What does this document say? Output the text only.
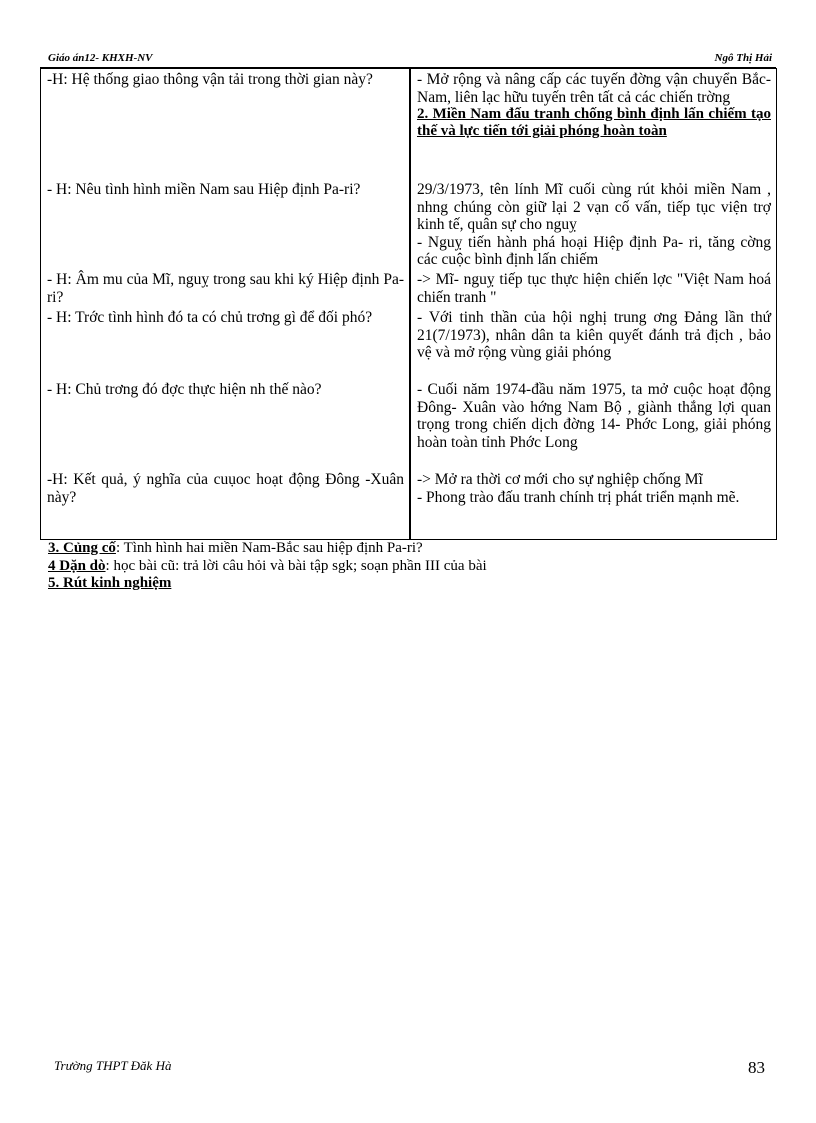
Giáo án12- KHXH-NV	Ngô Thị Hải
-H: Hệ thống giao thông vận tải trong thời gian này?	- Mở rộng và nâng cấp các tuyến đờng vận chuyển Bắc-Nam, liên lạc hữu tuyến trên tất cả các chiến trờng
2. Miền Nam đấu tranh chống bình định lấn chiếm tạo thế và lực tiến tới giải phóng hoàn toàn

- H: Nêu tình hình miền Nam sau Hiệp định Pa-ri?	29/3/1973, tên lính Mĩ cuối cùng rút khỏi miền Nam , nhng chúng còn giữ lại 2 vạn cố vấn, tiếp tục viện trợ kinh tế, quân sự cho nguỵ
- Nguỵ tiến hành phá hoại Hiệp định Pa- ri, tăng cờng các cuộc bình định lấn chiếm

- H: Âm mu của Mĩ, nguỵ trong sau khi ký Hiệp định Pa-ri?	-> Mĩ- nguỵ tiếp tục thực hiện chiến lợc "Việt Nam hoá chiến tranh "

- H: Trớc tình hình đó ta có chủ trơng gì để đối phó?	- Với tinh thần của hội nghị trung ơng Đảng lần thứ 21(7/1973), nhân dân ta kiên quyết đánh trả địch , bảo vệ và mở rộng vùng giải phóng

- H: Chủ trơng đó đợc thực hiện nh thế nào?	- Cuối năm 1974-đầu năm 1975, ta mở cuộc hoạt động Đông- Xuân vào hớng Nam Bộ , giành thắng lợi quan trọng trong chiến dịch đờng 14- Phớc Long, giải phóng hoàn toàn tỉnh Phớc Long

-H: Kết quả, ý nghĩa của cuụoc hoạt động Đông -Xuân này?	-> Mở ra thời cơ mới cho sự nghiệp chống Mĩ
- Phong trào đấu tranh chính trị phát triển mạnh mẽ.
3. Củng cố: Tình hình hai miền Nam-Bắc sau hiệp định Pa-ri?
4 Dặn dò: học bài cũ: trả lời câu hỏi và bài tập sgk; soạn phần III của bài
5. Rút kinh nghiệm
Trường THPT Đăk Hà	83
